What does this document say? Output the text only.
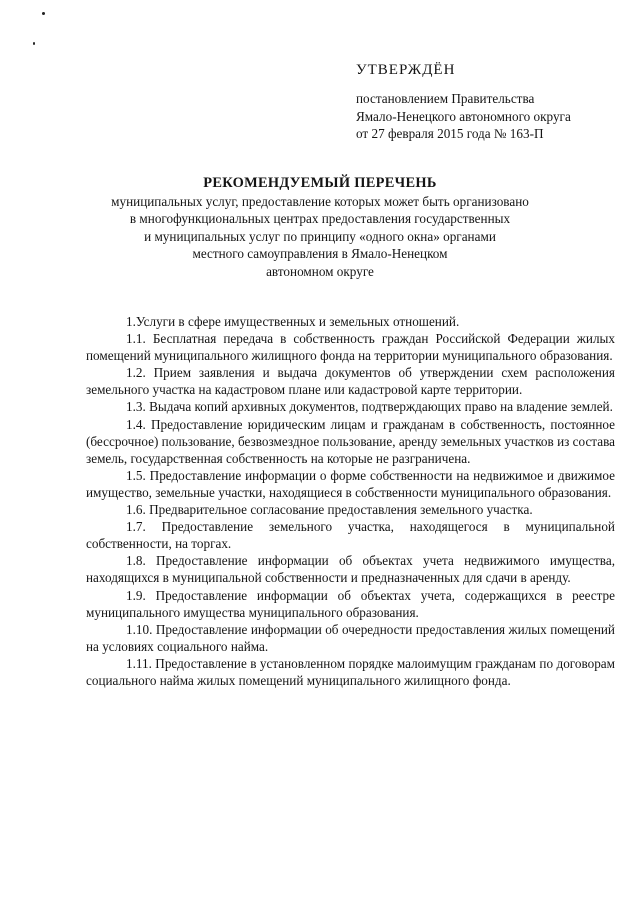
УТВЕРЖДЁН
постановлением Правительства
Ямало-Ненецкого автономного округа
от 27 февраля 2015 года № 163-П
РЕКОМЕНДУЕМЫЙ ПЕРЕЧЕНЬ
муниципальных услуг, предоставление которых может быть организовано
в многофункциональных центрах предоставления государственных
и муниципальных услуг по принципу «одного окна» органами
местного самоуправления в Ямало-Ненецком
автономном округе

1.Услуги в сфере имущественных и земельных отношений.

1.1. Бесплатная передача в собственность граждан Российской Федерации жилых помещений муниципального жилищного фонда на территории муниципального образования.

1.2. Прием заявления и выдача документов об утверждении схем расположения земельного участка на кадастровом плане или кадастровой карте территории.

1.3. Выдача копий архивных документов, подтверждающих право на владение землей.

1.4. Предоставление юридическим лицам и гражданам в собственность, постоянное (бессрочное) пользование, безвозмездное пользование, аренду земельных участков из состава земель, государственная собственность на которые не разграничена.

1.5. Предоставление информации о форме собственности на недвижимое и движимое имущество, земельные участки, находящиеся в собственности муниципального образования.

1.6. Предварительное согласование предоставления земельного участка.

1.7. Предоставление земельного участка, находящегося в муниципальной собственности, на торгах.

1.8. Предоставление информации об объектах учета недвижимого имущества, находящихся в муниципальной собственности и предназначенных для сдачи в аренду.

1.9. Предоставление информации об объектах учета, содержащихся в реестре муниципального имущества муниципального образования.

1.10. Предоставление информации об очередности предоставления жилых помещений на условиях социального найма.

1.11. Предоставление в установленном порядке малоимущим гражданам по договорам социального найма жилых помещений муниципального жилищного фонда.
